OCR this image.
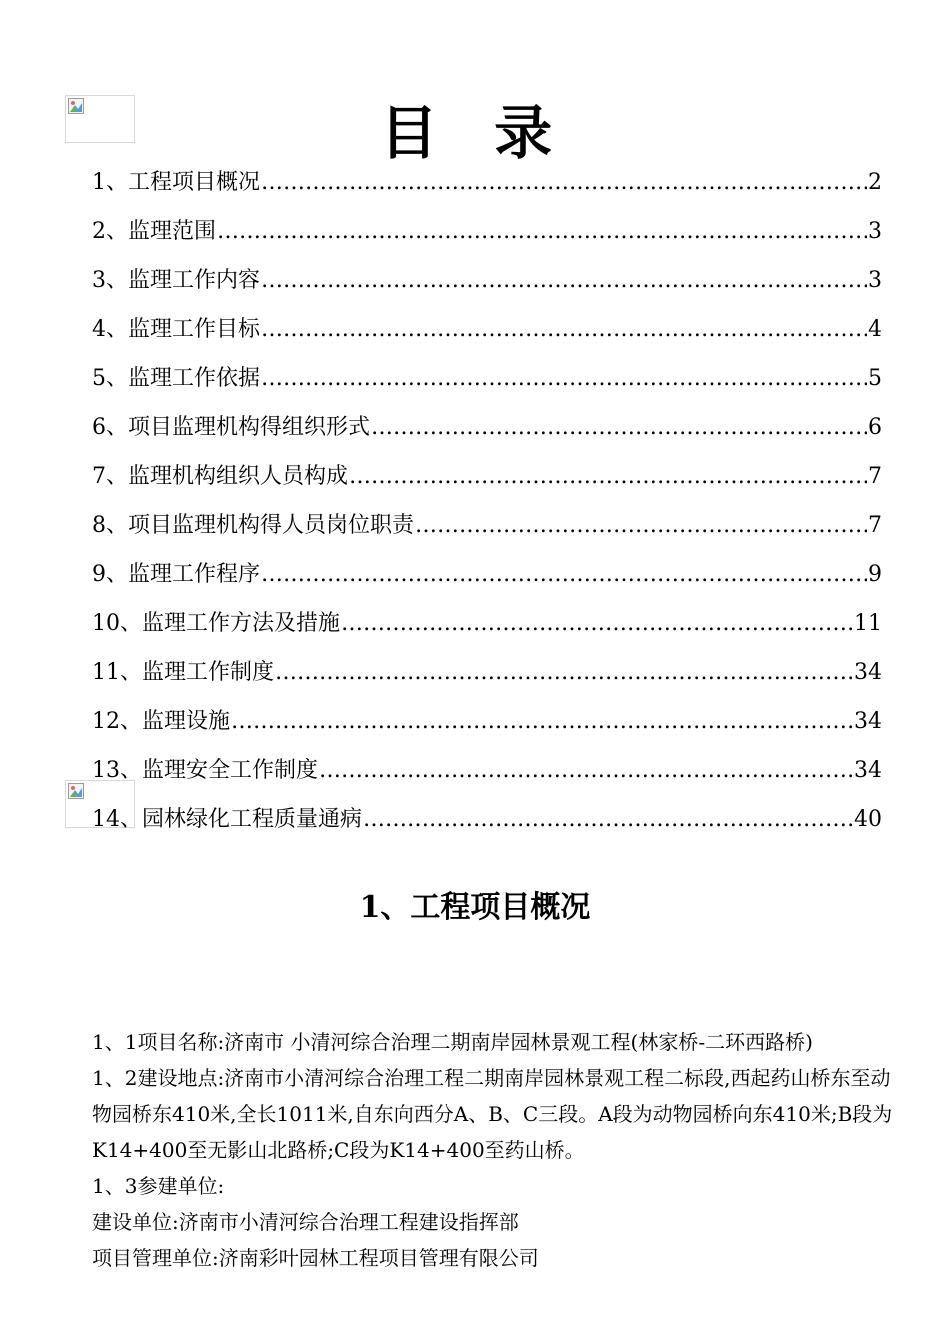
目 录
1、工程项目概况 ……………………………………………………………………………………………………………………………………………………	2
2、监理范围 ……………………………………………………………………………………………………………………………………………………	3
3、监理工作内容 ……………………………………………………………………………………………………………………………………………………	3
4、监理工作目标 ……………………………………………………………………………………………………………………………………………………	4
5、监理工作依据 ……………………………………………………………………………………………………………………………………………………	5
6、项目监理机构得组织形式 ……………………………………………………………………………………………………………………………………………………	6
7、监理机构组织人员构成 ……………………………………………………………………………………………………………………………………………………	7
8、项目监理机构得人员岗位职责 ……………………………………………………………………………………………………………………………………………………	7
9、监理工作程序 ……………………………………………………………………………………………………………………………………………………	9
10、监理工作方法及措施 ……………………………………………………………………………………………………………………………………………………	11
11、监理工作制度 ……………………………………………………………………………………………………………………………………………………	34
12、监理设施 ……………………………………………………………………………………………………………………………………………………	34
13、监理安全工作制度 ……………………………………………………………………………………………………………………………………………………	34
14、园林绿化工程质量通病 ……………………………………………………………………………………………………………………………………………………	40
1、工程项目概况

1、1项目名称:济南市 小清河综合治理二期南岸园林景观工程(林家桥-二环西路桥)

1、2建设地点:济南市小清河综合治理工程二期南岸园林景观工程二标段,西起药山桥东至动物园桥东410米,全长1011米,自东向西分A、B、C三段。A段为动物园桥向东410米;B段为K14+400至无影山北路桥;C段为K14+400至药山桥。

1、3参建单位:

建设单位:济南市小清河综合治理工程建设指挥部

项目管理单位:济南彩叶园林工程项目管理有限公司
